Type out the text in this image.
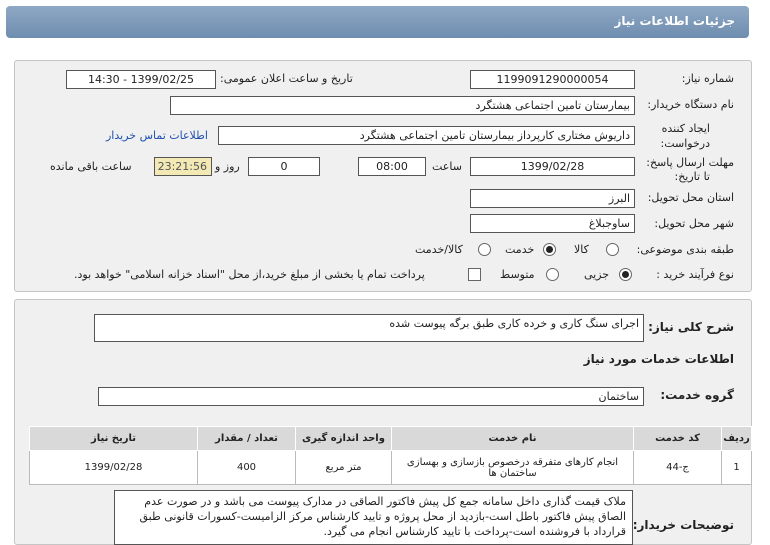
جزئیات اطلاعات نیاز
شماره نیاز:
1199091290000054
تاریخ و ساعت اعلان عمومی:
1399/02/25 - 14:30
نام دستگاه خریدار:
بیمارستان تامین اجتماعی هشتگرد
ایجاد کننده
درخواست:
داریوش مختاری کارپرداز بیمارستان تامین اجتماعی هشتگرد
اطلاعات تماس خریدار
مهلت ارسال پاسخ:
تا تاریخ:
1399/02/28
ساعت
08:00
0
روز و
23:21:56
ساعت باقی مانده
استان محل تحویل:
البرز
شهر محل تحویل:
ساوجبلاغ
طبقه بندی موضوعی:
کالا
خدمت
کالا/خدمت
نوع فرآیند خرید :
جزیی
متوسط
پرداخت تمام یا بخشی از مبلغ خرید،از محل "اسناد خزانه اسلامی" خواهد بود.
شرح کلی نیاز:
اجرای سنگ کاری و خرده کاری طبق برگه پیوست شده
اطلاعات خدمات مورد نیاز
گروه خدمت:
ساختمان
ردیف	کد خدمت	نام خدمت	واحد اندازه گیری	تعداد / مقدار	تاریخ نیاز
1	ج-44	انجام کارهای متفرقه درخصوص بازسازی و بهسازی ساختمان ها	متر مربع	400	1399/02/28
توضیحات خریدار:
ملاک قیمت گذاری داخل سامانه جمع کل پیش فاکتور الصاقی در مدارک پیوست می باشد و در صورت عدم الصاق پیش فاکتور باطل است-بازدید از محل پروژه و تایید کارشناس مرکز الزامیست-کسورات قانونی طبق قرارداد با فروشنده است-پرداخت با تایید کارشناس انجام می گیرد.
